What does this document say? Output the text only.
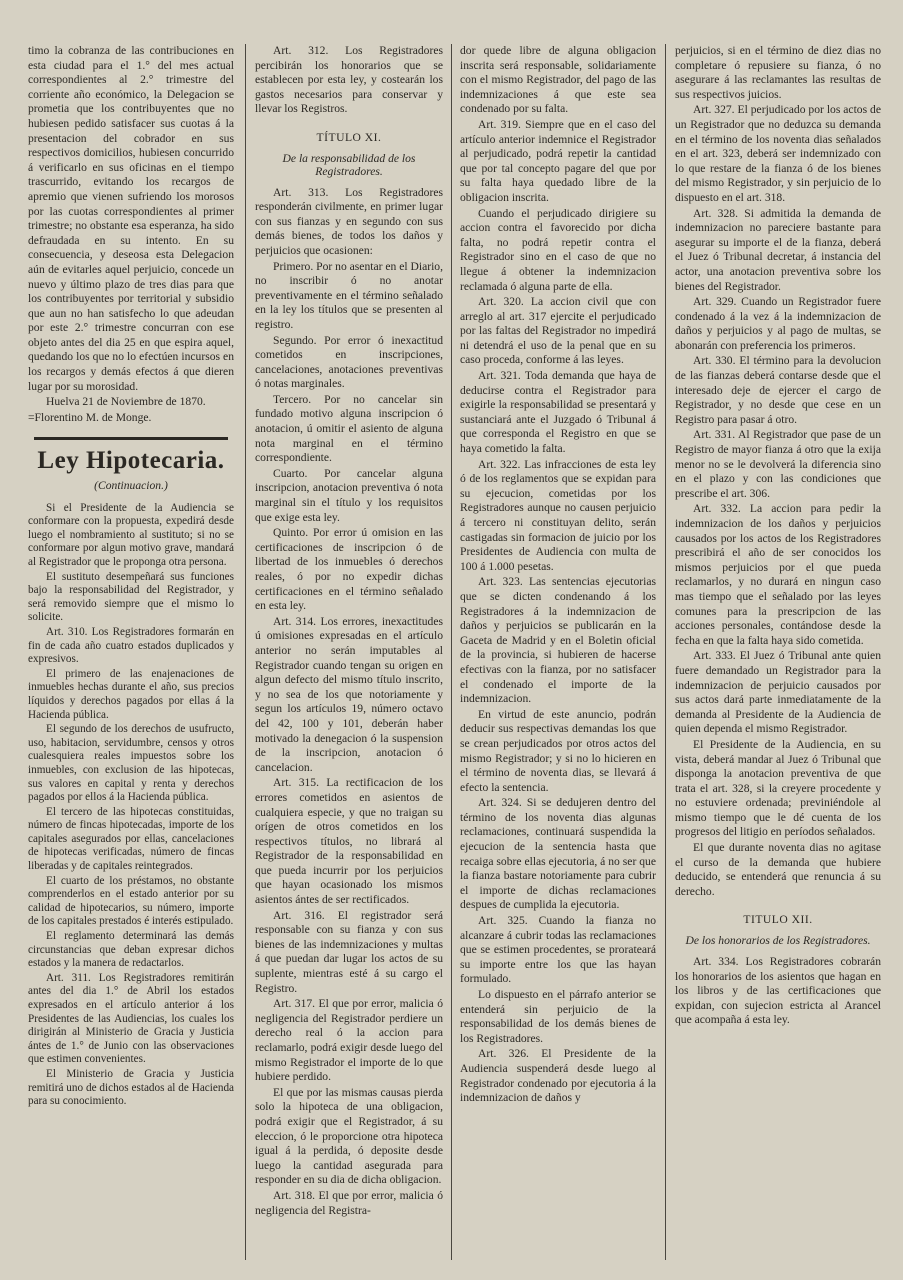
timo la cobranza de las contribuciones en esta ciudad para el 1.° del mes actual correspondientes al 2.° trimestre del corriente año económico, la Delegacion se prometia que los contribuyentes que no hubiesen pedido satisfacer sus cuotas á la presentacion del cobrador en sus respectivos domicilios, hubiesen concurrido á verificarlo en sus oficinas en el tiempo trascurrido, evitando los recargos de apremio que vienen sufriendo los morosos por las cuotas correspondientes al primer trimestre; no obstante esa esperanza, ha sido defraudada en su intento. En su consecuencia, y deseosa esta Delegacion aún de evitarles aquel perjuicio, concede un nuevo y último plazo de tres dias para que los contribuyentes por territorial y subsidio que aun no han satisfecho lo que adeudan por este 2.° trimestre concurran con ese objeto antes del dia 25 en que espira aquel, quedando los que no lo efectúen incursos en los recargos y demás efectos á que dieren lugar por su morosidad.

Huelva 21 de Noviembre de 1870.

=Florentino M. de Monge.

Ley Hipotecaria.
(Continuacion.)

Si el Presidente de la Audiencia se conformare con la propuesta, expedirá desde luego el nombramiento al sustituto; si no se conformare por algun motivo grave, mandará al Registrador que le proponga otra persona.

El sustituto desempeñará sus funciones bajo la responsabilidad del Registrador, y será removido siempre que el mismo lo solicite.

Art. 310. Los Registradores formarán en fin de cada año cuatro estados duplicados y expresivos.

El primero de las enajenaciones de inmuebles hechas durante el año, sus precios líquidos y derechos pagados por ellas á la Hacienda pública.

El segundo de los derechos de usufructo, uso, habitacion, servidumbre, censos y otros cualesquiera reales impuestos sobre los inmuebles, con exclusion de las hipotecas, sus valores en capital y renta y derechos pagados por ellos á la Hacienda pública.

El tercero de las hipotecas constituidas, número de fincas hipotecadas, importe de los capitales asegurados por ellas, cancelaciones de hipotecas verificadas, número de fincas liberadas y de capitales reintegrados.

El cuarto de los préstamos, no obstante comprenderlos en el estado anterior por su calidad de hipotecarios, su número, importe de los capitales prestados é interés estipulado.

El reglamento determinará las demás circunstancias que deban expresar dichos estados y la manera de redactarlos.

Art. 311. Los Registradores remitirán antes del dia 1.° de Abril los estados expresados en el artículo anterior á los Presidentes de las Audiencias, los cuales los dirigirán al Ministerio de Gracia y Justicia ántes de 1.° de Junio con las observaciones que estimen convenientes.

El Ministerio de Gracia y Justicia remitirá uno de dichos estados al de Hacienda para su conocimiento.

Art. 312. Los Registradores percibirán los honorarios que se establecen por esta ley, y costearán los gastos necesarios para conservar y llevar los Registros.

TÍTULO XI.
De la responsabilidad de los Registradores.

Art. 313. Los Registradores responderán civilmente, en primer lugar con sus fianzas y en segundo con sus demás bienes, de todos los daños y perjuicios que ocasionen:

Primero. Por no asentar en el Diario, no inscribir ó no anotar preventivamente en el término señalado en la ley los títulos que se presenten al registro.

Segundo. Por error ó inexactitud cometidos en inscripciones, cancelaciones, anotaciones preventivas ó notas marginales.

Tercero. Por no cancelar sin fundado motivo alguna inscripcion ó anotacion, ú omitir el asiento de alguna nota marginal en el término correspondiente.

Cuarto. Por cancelar alguna inscripcion, anotacion preventiva ó nota marginal sin el título y los requisitos que exige esta ley.

Quinto. Por error ú omision en las certificaciones de inscripcion ó de libertad de los inmuebles ó derechos reales, ó por no expedir dichas certificaciones en el término señalado en esta ley.

Art. 314. Los errores, inexactitudes ú omisiones expresadas en el artículo anterior no serán imputables al Registrador cuando tengan su origen en algun defecto del mismo título inscrito, y no sea de los que notoriamente y segun los artículos 19, número octavo del 42, 100 y 101, deberán haber motivado la denegacion ó la suspension de la inscripcion, anotacion ó cancelacion.

Art. 315. La rectificacion de los errores cometidos en asientos de cualquiera especie, y que no traigan su orígen de otros cometidos en los respectivos títulos, no librará al Registrador de la responsabilidad en que pueda incurrir por los perjuicios que hayan ocasionado los mismos asientos ántes de ser rectificados.

Art. 316. El registrador será responsable con su fianza y con sus bienes de las indemnizaciones y multas á que puedan dar lugar los actos de su suplente, mientras esté á su cargo el Registro.

Art. 317. El que por error, malicia ó negligencia del Registrador perdiere un derecho real ó la accion para reclamarlo, podrá exigir desde luego del mismo Registrador el importe de lo que hubiere perdido.

El que por las mismas causas pierda solo la hipoteca de una obligacion, podrá exigir que el Registrador, á su eleccion, ó le proporcione otra hipoteca igual á la perdida, ó deposite desde luego la cantidad asegurada para responder en su dia de dicha obligacion.

Art. 318. El que por error, malicia ó negligencia del Registra-

dor quede libre de alguna obligacion inscrita será responsable, solidariamente con el mismo Registrador, del pago de las indemnizaciones á que este sea condenado por su falta.

Art. 319. Siempre que en el caso del artículo anterior indemnice el Registrador al perjudicado, podrá repetir la cantidad que por tal concepto pagare del que por su falta haya quedado libre de la obligacion inscrita.

Cuando el perjudicado dirigiere su accion contra el favorecido por dicha falta, no podrá repetir contra el Registrador sino en el caso de que no llegue á obtener la indemnizacion reclamada ó alguna parte de ella.

Art. 320. La accion civil que con arreglo al art. 317 ejercite el perjudicado por las faltas del Registrador no impedirá ni detendrá el uso de la penal que en su caso proceda, conforme á las leyes.

Art. 321. Toda demanda que haya de deducirse contra el Registrador para exigirle la responsabilidad se presentará y sustanciará ante el Juzgado ó Tribunal á que corresponda el Registro en que se haya cometido la falta.

Art. 322. Las infracciones de esta ley ó de los reglamentos que se expidan para su ejecucion, cometidas por los Registradores aunque no causen perjuicio á tercero ni constituyan delito, serán castigadas sin formacion de juicio por los Presidentes de Audiencia con multa de 100 á 1.000 pesetas.

Art. 323. Las sentencias ejecutorias que se dicten condenando á los Registradores á la indemnizacion de daños y perjuicios se publicarán en la Gaceta de Madrid y en el Boletin oficial de la provincia, si hubieren de hacerse efectivas con la fianza, por no satisfacer el condenado el importe de la indemnizacion.

En virtud de este anuncio, podrán deducir sus respectivas demandas los que se crean perjudicados por otros actos del mismo Registrador; y si no lo hicieren en el término de noventa dias, se llevará á efecto la sentencia.

Art. 324. Si se dedujeren dentro del término de los noventa dias algunas reclamaciones, continuará suspendida la ejecucion de la sentencia hasta que recaiga sobre ellas ejecutoria, á no ser que la fianza bastare notoriamente para cubrir el importe de dichas reclamaciones despues de cumplida la ejecutoria.

Art. 325. Cuando la fianza no alcanzare á cubrir todas las reclamaciones que se estimen procedentes, se prorateará su importe entre los que las hayan formulado.

Lo dispuesto en el párrafo anterior se entenderá sin perjuicio de la responsabilidad de los demás bienes de los Registradores.

Art. 326. El Presidente de la Audiencia suspenderá desde luego al Registrador condenado por ejecutoria á la indemnizacion de daños y

perjuicios, si en el término de diez dias no completare ó repusiere su fianza, ó no asegurare á las reclamantes las resultas de sus respectivos juicios.

Art. 327. El perjudicado por los actos de un Registrador que no deduzca su demanda en el término de los noventa dias señalados en el art. 323, deberá ser indemnizado con lo que restare de la fianza ó de los bienes del mismo Registrador, y sin perjuicio de lo dispuesto en el art. 318.

Art. 328. Si admitida la demanda de indemnizacion no pareciere bastante para asegurar su importe el de la fianza, deberá el Juez ó Tribunal decretar, á instancia del actor, una anotacion preventiva sobre los bienes del Registrador.

Art. 329. Cuando un Registrador fuere condenado á la vez á la indemnizacion de daños y perjuicios y al pago de multas, se abonarán con preferencia los primeros.

Art. 330. El término para la devolucion de las fianzas deberá contarse desde que el interesado deje de ejercer el cargo de Registrador, y no desde que cese en un Registro para pasar á otro.

Art. 331. Al Registrador que pase de un Registro de mayor fianza á otro que la exija menor no se le devolverá la diferencia sino en el plazo y con las condiciones que prescribe el art. 306.

Art. 332. La accion para pedir la indemnizacion de los daños y perjuicios causados por los actos de los Registradores prescribirá el año de ser conocidos los mismos perjuicios por el que pueda reclamarlos, y no durará en ningun caso mas tiempo que el señalado por las leyes comunes para la prescripcion de las acciones personales, contándose desde la fecha en que la falta haya sido cometida.

Art. 333. El Juez ó Tribunal ante quien fuere demandado un Registrador para la indemnizacion de perjuicio causados por sus actos dará parte inmediatamente de la demanda al Presidente de la Audiencia de quien dependa el mismo Registrador.

El Presidente de la Audiencia, en su vista, deberá mandar al Juez ó Tribunal que disponga la anotacion preventiva de que trata el art. 328, si la creyere procedente y no estuviere ordenada; previniéndole al mismo tiempo que le dé cuenta de los progresos del litigio en períodos señalados.

El que durante noventa dias no agitase el curso de la demanda que hubiere deducido, se entenderá que renuncia á su derecho.

TITULO XII.
De los honorarios de los Registradores.

Art. 334. Los Registradores cobrarán los honorarios de los asientos que hagan en los libros y de las certificaciones que expidan, con sujecion estricta al Arancel que acompaña á esta ley.
